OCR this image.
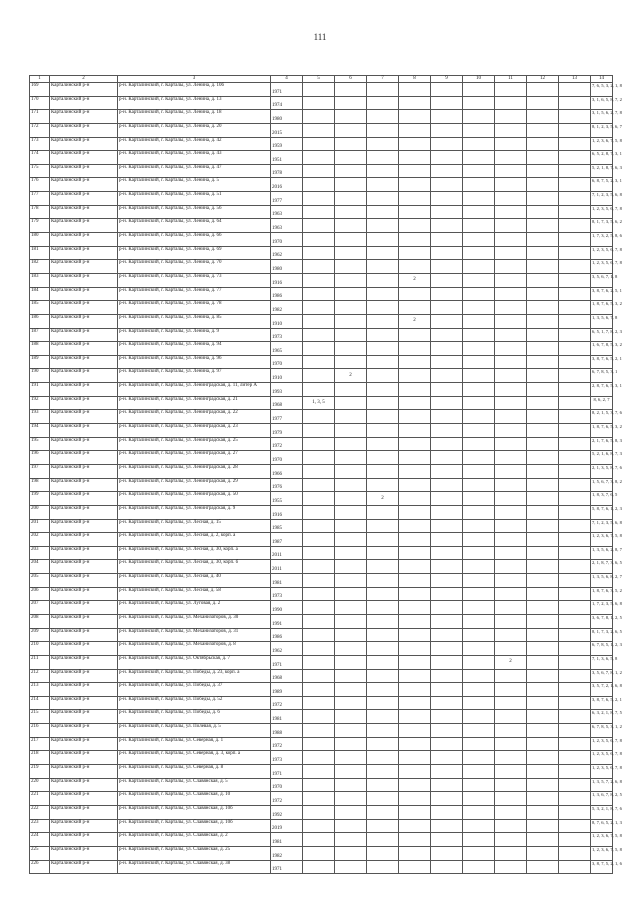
111
1	2	3	4	5	6	7	8	9	10	11	12	13	14
169	Карталинский р-н	р-н. Карталинский, г. Карталы, ул. Ленина, д. 10б	1971										7, 6, 5, 3, 2, 1, 8
170	Карталинский р-н	р-н. Карталинский, г. Карталы, ул. Ленина, д. 13	1974										3, 1, 6, 5, 8, 7, 2
171	Карталинский р-н	р-н. Карталинский, г. Карталы, ул. Ленина, д. 18	1980										3, 1, 5, 6, 2, 7, 8
172	Карталинский р-н	р-н. Карталинский, г. Карталы, ул. Ленина, д. 20	2015										8, 1, 2, 3, 5, 6, 7
173	Карталинский р-н	р-н. Карталинский, г. Карталы, ул. Ленина, д. 42	1959										1, 2, 3, 6, 7, 5, 8
174	Карталинский р-н	р-н. Карталинский, г. Карталы, ул. Ленина, д. 43	1951										6, 5, 2, 8, 7, 3, 1
175	Карталинский р-н	р-н. Карталинский, г. Карталы, ул. Ленина, д. 47	1978										5, 2, 1, 8, 7, 6, 3
176	Карталинский р-н	р-н. Карталинский, г. Карталы, ул. Ленина, д. 5	2016										6, 8, 7, 5, 2, 3, 1
177	Карталинский р-н	р-н. Карталинский, г. Карталы, ул. Ленина, д. 51	1977										7, 1, 2, 3, 5, 6, 8
178	Карталинский р-н	р-н. Карталинский, г. Карталы, ул. Ленина, д. 56	1963										1, 2, 3, 5, 6, 7, 8
179	Карталинский р-н	р-н. Карталинский, г. Карталы, ул. Ленина, д. 64	1963										8, 1, 7, 3, 5, 6, 2
180	Карталинский р-н	р-н. Карталинский, г. Карталы, ул. Ленина, д. 66	1970										1, 7, 3, 2, 5, 8, 6
181	Карталинский р-н	р-н. Карталинский, г. Карталы, ул. Ленина, д. 69	1962										1, 2, 3, 5, 6, 7, 8
182	Карталинский р-н	р-н. Карталинский, г. Карталы, ул. Ленина, д. 70	1980										1, 2, 3, 5, 6, 7, 8
183	Карталинский р-н	р-н. Карталинский, г. Карталы, ул. Ленина, д. 73	1916				2						3, 5, 6, 7, 1, 8
184	Карталинский р-н	р-н. Карталинский, г. Карталы, ул. Ленина, д. 77	1986										3, 8, 7, 6, 2, 5, 1
185	Карталинский р-н	р-н. Карталинский, г. Карталы, ул. Ленина, д. 78	1982										1, 8, 7, 6, 5, 3, 2
186	Карталинский р-н	р-н. Карталинский, г. Карталы, ул. Ленина, д. 85	1910				2						1, 3, 5, 6, 7, 8
187	Карталинский р-н	р-н. Карталинский, г. Карталы, ул. Ленина, д. 9	1973										6, 5, 1, 7, 8, 2, 3
188	Карталинский р-н	р-н. Карталинский, г. Карталы, ул. Ленина, д. 94	1965										1, 6, 7, 8, 5, 3, 2
189	Карталинский р-н	р-н. Карталинский, г. Карталы, ул. Ленина, д. 96	1970										3, 8, 7, 6, 5, 2, 1
190	Карталинский р-н	р-н. Карталинский, г. Карталы, ул. Ленина, д. 97	1910		2								6, 7, 8, 5, 3, 1
191	Карталинский р-н	р-н. Карталинский, г. Карталы, ул. Ленинградская, д. 11, литер А	1993										2, 8, 7, 6, 5, 3, 1
192	Карталинский р-н	р-н. Карталинский, г. Карталы, ул. Ленинградская, д. 21	1968	1, 3, 5									8, 6, 2, 7
193	Карталинский р-н	р-н. Карталинский, г. Карталы, ул. Ленинградская, д. 22	1977										8, 2, 1, 5, 3, 7, 6
194	Карталинский р-н	р-н. Карталинский, г. Карталы, ул. Ленинградская, д. 23	1979										1, 8, 7, 6, 5, 3, 2
195	Карталинский р-н	р-н. Карталинский, г. Карталы, ул. Ленинградская, д. 25	1972										2, 1, 7, 6, 5, 8, 3
196	Карталинский р-н	р-н. Карталинский, г. Карталы, ул. Ленинградская, д. 27	1970										5, 2, 1, 6, 8, 7, 3
197	Карталинский р-н	р-н. Карталинский, г. Карталы, ул. Ленинградская, д. 28	1966										2, 1, 3, 5, 8, 7, 6
198	Карталинский р-н	р-н. Карталинский, г. Карталы, ул. Ленинградская, д. 29	1976										1, 5, 6, 7, 3, 8, 2
199	Карталинский р-н	р-н. Карталинский, г. Карталы, ул. Ленинградская, д. 50	1955			2							1, 8, 3, 7, 6, 5
200	Карталинский р-н	р-н. Карталинский, г. Карталы, ул. Ленинградская, д. 9	1916										5, 8, 7, 6, 1, 2, 3
201	Карталинский р-н	р-н. Карталинский, г. Карталы, ул. Лесная, д. 15	1985										7, 1, 2, 3, 5, 6, 8
202	Карталинский р-н	р-н. Карталинский, г. Карталы, ул. Лесная, д. 2, корп. а	1987										1, 2, 3, 6, 7, 5, 8
203	Карталинский р-н	р-н. Карталинский, г. Карталы, ул. Лесная, д. 30, корп. а	2011										1, 3, 5, 6, 2, 8, 7
204	Карталинский р-н	р-н. Карталинский, г. Карталы, ул. Лесная, д. 30, корп. б	2011										2, 1, 8, 7, 3, 6, 5
205	Карталинский р-н	р-н. Карталинский, г. Карталы, ул. Лесная, д. 40	1981										1, 3, 5, 6, 8, 2, 7
206	Карталинский р-н	р-н. Карталинский, г. Карталы, ул. Лесная, д. 58	1973										1, 8, 7, 6, 3, 5, 2
207	Карталинский р-н	р-н. Карталинский, г. Карталы, ул. Луговая, д. 2	1990										1, 7, 2, 3, 5, 6, 8
208	Карталинский р-н	р-н. Карталинский, г. Карталы, ул. Механизаторов, д. 30	1991										3, 6, 7, 8, 1, 2, 5
209	Карталинский р-н	р-н. Карталинский, г. Карталы, ул. Механизаторов, д. 31	1986										8, 1, 7, 3, 2, 6, 5
210	Карталинский р-н	р-н. Карталинский, г. Карталы, ул. Механизаторов, д. 8	1962										6, 7, 8, 5, 1, 2, 3
211	Карталинский р-н	р-н. Карталинский, г. Карталы, ул. Октябрьская, д. 7	1971							2			7, 1, 3, 6, 5, 8
212	Карталинский р-н	р-н. Карталинский, г. Карталы, ул. Победы, д. 23, корп. а	1968										3, 5, 6, 7, 8, 1, 2
213	Карталинский р-н	р-н. Карталинский, г. Карталы, ул. Победы, д. 37	1989										3, 5, 7, 2, 1, 6, 8
214	Карталинский р-н	р-н. Карталинский, г. Карталы, ул. Победы, д. 52	1972										3, 8, 7, 6, 5, 2, 1
215	Карталинский р-н	р-н. Карталинский, г. Карталы, ул. Победы, д. 6	1981										6, 3, 2, 1, 8, 7, 5
216	Карталинский р-н	р-н. Карталинский, г. Карталы, ул. Полевая, д. 5	1988										6, 7, 8, 5, 3, 1, 2
217	Карталинский р-н	р-н. Карталинский, г. Карталы, ул. Северная, д. 1	1972										1, 2, 3, 5, 6, 7, 8
218	Карталинский р-н	р-н. Карталинский, г. Карталы, ул. Северная, д. 3, корп. а	1973										1, 2, 3, 5, 6, 7, 8
219	Карталинский р-н	р-н. Карталинский, г. Карталы, ул. Северная, д. 8	1971										1, 2, 3, 5, 6, 7, 8
220	Карталинский р-н	р-н. Карталинский, г. Карталы, ул. Славянская, д. 5	1970										1, 3, 5, 7, 2, 6, 8
221	Карталинский р-н	р-н. Карталинский, г. Карталы, ул. Славянская, д. 10	1972										1, 3, 6, 7, 8, 2, 5
222	Карталинский р-н	р-н. Карталинский, г. Карталы, ул. Славянская, д. 10б	1992										5, 3, 2, 1, 8, 7, 6
223	Карталинский р-н	р-н. Карталинский, г. Карталы, ул. Славянская, д. 10б	2019										8, 7, 6, 5, 2, 1, 3
224	Карталинский р-н	р-н. Карталинский, г. Карталы, ул. Славянская, д. 2	1981										1, 2, 3, 6, 7, 5, 8
225	Карталинский р-н	р-н. Карталинский, г. Карталы, ул. Славянская, д. 25	1982										1, 2, 3, 6, 7, 5, 8
226	Карталинский р-н	р-н. Карталинский, г. Карталы, ул. Славянская, д. 38	1971										3, 8, 7, 5, 2, 1, 6
